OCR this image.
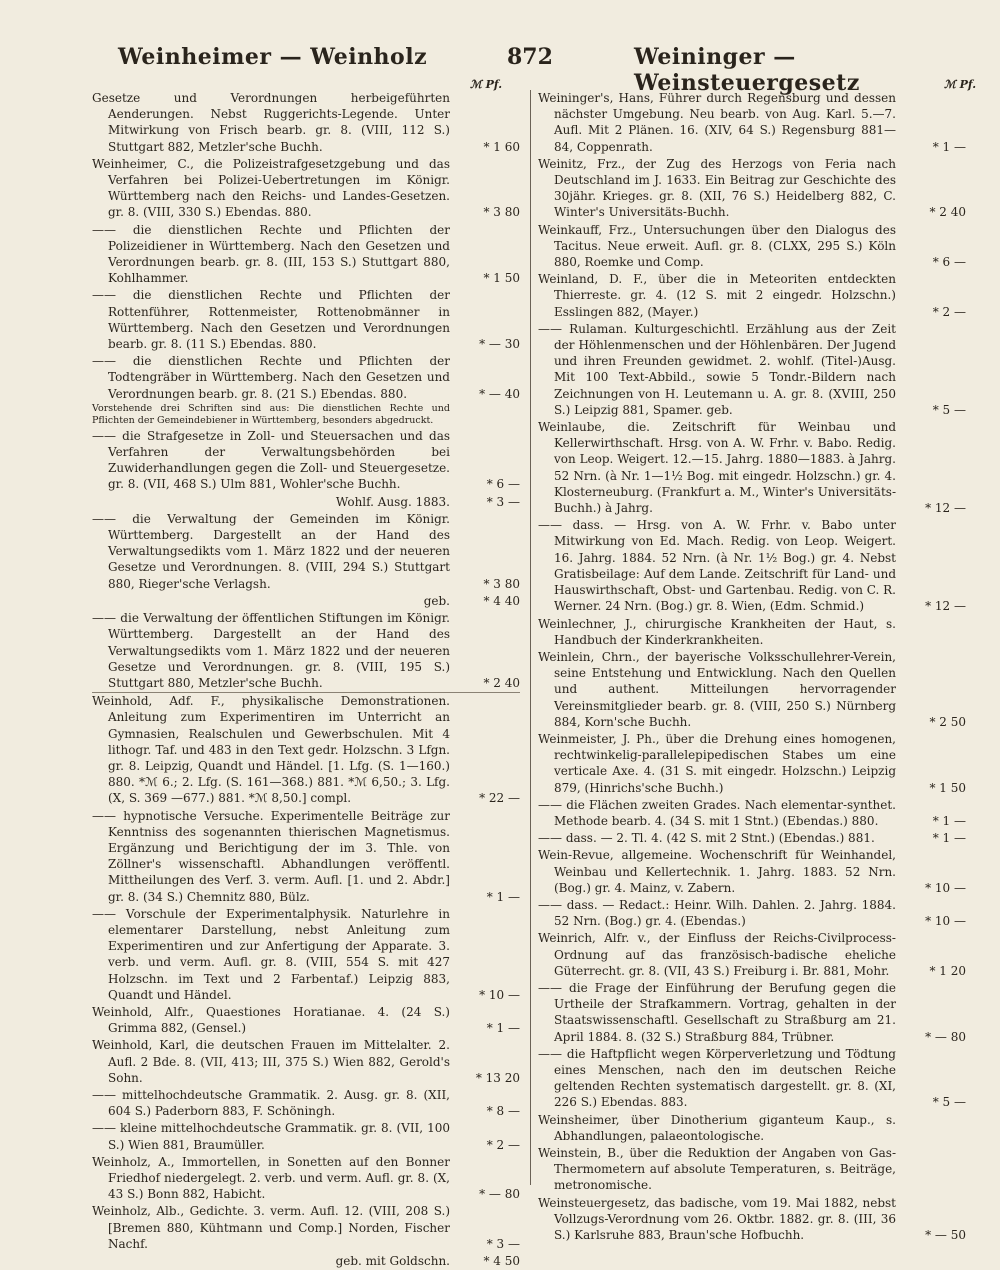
Weinheimer — Weinholz	872	Weininger — Weinsteuergesetz
ℳ Pf.	ℳ Pf.
Gesetze und Verordnungen herbeigeführten Aenderungen. Nebst Ruggerichts-Legende. Unter Mitwirkung von Frisch bearb. gr. 8. (VIII, 112 S.) Stuttgart 882, Metzler'sche Buchh.	* 1 60
Weinheimer, C., die Polizeistrafgesetzgebung und das Verfahren bei Polizei-Uebertretungen im Königr. Württemberg nach den Reichs- und Landes-Gesetzen. gr. 8. (VIII, 330 S.) Ebendas. 880.	* 3 80
—— die dienstlichen Rechte und Pflichten der Polizeidiener in Württemberg. Nach den Gesetzen und Verordnungen bearb. gr. 8. (III, 153 S.) Stuttgart 880, Kohlhammer.	* 1 50
—— die dienstlichen Rechte und Pflichten der Rottenführer, Rottenmeister, Rottenobmänner in Württemberg. Nach den Gesetzen und Verordnungen bearb. gr. 8. (11 S.) Ebendas. 880.	* — 30
—— die dienstlichen Rechte und Pflichten der Todtengräber in Württemberg. Nach den Gesetzen und Verordnungen bearb. gr. 8. (21 S.) Ebendas. 880.	* — 40
Vorstehende drei Schriften sind aus: Die dienstlichen Rechte und Pflichten der Gemeindebiener in Württemberg, besonders abgedruckt.
—— die Strafgesetze in Zoll- und Steuersachen und das Verfahren der Verwaltungsbehörden bei Zuwiderhandlungen gegen die Zoll- und Steuergesetze. gr. 8. (VII, 468 S.) Ulm 881, Wohler'sche Buchh.	* 6 —
Wohlf. Ausg. 1883.	* 3 —
—— die Verwaltung der Gemeinden im Königr. Württemberg. Dargestellt an der Hand des Verwaltungsedikts vom 1. März 1822 und der neueren Gesetze und Verordnungen. 8. (VIII, 294 S.) Stuttgart 880, Rieger'sche Verlagsh.	* 3 80
geb.	* 4 40
—— die Verwaltung der öffentlichen Stiftungen im Königr. Württemberg. Dargestellt an der Hand des Verwaltungsedikts vom 1. März 1822 und der neueren Gesetze und Verordnungen. gr. 8. (VIII, 195 S.) Stuttgart 880, Metzler'sche Buchh.	* 2 40
Weinhold, Adf. F., physikalische Demonstrationen. Anleitung zum Experimentiren im Unterricht an Gymnasien, Realschulen und Gewerbschulen. Mit 4 lithogr. Taf. und 483 in den Text gedr. Holzschn. 3 Lfgn. gr. 8. Leipzig, Quandt und Händel. [1. Lfg. (S. 1—160.) 880. *ℳ 6.; 2. Lfg. (S. 161—368.) 881. *ℳ 6,50.; 3. Lfg. (X, S. 369 —677.) 881. *ℳ 8,50.] compl.	* 22 —
—— hypnotische Versuche. Experimentelle Beiträge zur Kenntniss des sogenannten thierischen Magnetismus. Ergänzung und Berichtigung der im 3. Thle. von Zöllner's wissenschaftl. Abhandlungen veröffentl. Mittheilungen des Verf. 3. verm. Aufl. [1. und 2. Abdr.] gr. 8. (34 S.) Chemnitz 880, Bülz.	* 1 —
—— Vorschule der Experimentalphysik. Naturlehre in elementarer Darstellung, nebst Anleitung zum Experimentiren und zur Anfertigung der Apparate. 3. verb. und verm. Aufl. gr. 8. (VIII, 554 S. mit 427 Holzschn. im Text und 2 Farbentaf.) Leipzig 883, Quandt und Händel.	* 10 —
Weinhold, Alfr., Quaestiones Horatianae. 4. (24 S.) Grimma 882, (Gensel.)	* 1 —
Weinhold, Karl, die deutschen Frauen im Mittelalter. 2. Aufl. 2 Bde. 8. (VII, 413; III, 375 S.) Wien 882, Gerold's Sohn.	* 13 20
—— mittelhochdeutsche Grammatik. 2. Ausg. gr. 8. (XII, 604 S.) Paderborn 883, F. Schöningh.	* 8 —
—— kleine mittelhochdeutsche Grammatik. gr. 8. (VII, 100 S.) Wien 881, Braumüller.	* 2 —
Weinholz, A., Immortellen, in Sonetten auf den Bonner Friedhof niedergelegt. 2. verb. und verm. Aufl. gr. 8. (X, 43 S.) Bonn 882, Habicht.	* — 80
Weinholz, Alb., Gedichte. 3. verm. Aufl. 12. (VIII, 208 S.) [Bremen 880, Kühtmann und Comp.] Norden, Fischer Nachf.	* 3 —
geb. mit Goldschn.	* 4 50
Weininger's, Hans, Führer durch Regensburg und dessen nächster Umgebung. Neu bearb. von Aug. Karl. 5.—7. Aufl. Mit 2 Plänen. 16. (XIV, 64 S.) Regensburg 881—84, Coppenrath.	* 1 —
Weinitz, Frz., der Zug des Herzogs von Feria nach Deutschland im J. 1633. Ein Beitrag zur Geschichte des 30jähr. Krieges. gr. 8. (XII, 76 S.) Heidelberg 882, C. Winter's Universitäts-Buchh.	* 2 40
Weinkauff, Frz., Untersuchungen über den Dialogus des Tacitus. Neue erweit. Aufl. gr. 8. (CLXX, 295 S.) Köln 880, Roemke und Comp.	* 6 —
Weinland, D. F., über die in Meteoriten entdeckten Thierreste. gr. 4. (12 S. mit 2 eingedr. Holzschn.) Esslingen 882, (Mayer.)	* 2 —
—— Rulaman. Kulturgeschichtl. Erzählung aus der Zeit der Höhlenmenschen und der Höhlenbären. Der Jugend und ihren Freunden gewidmet. 2. wohlf. (Titel-)Ausg. Mit 100 Text-Abbild., sowie 5 Tondr.-Bildern nach Zeichnungen von H. Leutemann u. A. gr. 8. (XVIII, 250 S.) Leipzig 881, Spamer. geb.	* 5 —
Weinlaube, die. Zeitschrift für Weinbau und Kellerwirthschaft. Hrsg. von A. W. Frhr. v. Babo. Redig. von Leop. Weigert. 12.—15. Jahrg. 1880—1883. à Jahrg. 52 Nrn. (à Nr. 1—1½ Bog. mit eingedr. Holzschn.) gr. 4. Klosterneuburg. (Frankfurt a. M., Winter's Universitäts-Buchh.) à Jahrg.	* 12 —
—— dass. — Hrsg. von A. W. Frhr. v. Babo unter Mitwirkung von Ed. Mach. Redig. von Leop. Weigert. 16. Jahrg. 1884. 52 Nrn. (à Nr. 1½ Bog.) gr. 4. Nebst Gratisbeilage: Auf dem Lande. Zeitschrift für Land- und Hauswirthschaft, Obst- und Gartenbau. Redig. von C. R. Werner. 24 Nrn. (Bog.) gr. 8. Wien, (Edm. Schmid.)	* 12 —
Weinlechner, J., chirurgische Krankheiten der Haut, s. Handbuch der Kinderkrankheiten.
Weinlein, Chrn., der bayerische Volksschullehrer-Verein, seine Entstehung und Entwicklung. Nach den Quellen und authent. Mitteilungen hervorragender Vereinsmitglieder bearb. gr. 8. (VIII, 250 S.) Nürnberg 884, Korn'sche Buchh.	* 2 50
Weinmeister, J. Ph., über die Drehung eines homogenen, rechtwinkelig-parallelepipedischen Stabes um eine verticale Axe. 4. (31 S. mit eingedr. Holzschn.) Leipzig 879, (Hinrichs'sche Buchh.)	* 1 50
—— die Flächen zweiten Grades. Nach elementar-synthet. Methode bearb. 4. (34 S. mit 1 Stnt.) (Ebendas.) 880.	* 1 —
—— dass. — 2. Tl. 4. (42 S. mit 2 Stnt.) (Ebendas.) 881.	* 1 —
Wein-Revue, allgemeine. Wochenschrift für Weinhandel, Weinbau und Kellertechnik. 1. Jahrg. 1883. 52 Nrn. (Bog.) gr. 4. Mainz, v. Zabern.	* 10 —
—— dass. — Redact.: Heinr. Wilh. Dahlen. 2. Jahrg. 1884. 52 Nrn. (Bog.) gr. 4. (Ebendas.)	* 10 —
Weinrich, Alfr. v., der Einfluss der Reichs-Civilprocess-Ordnung auf das französisch-badische eheliche Güterrecht. gr. 8. (VII, 43 S.) Freiburg i. Br. 881, Mohr.	* 1 20
—— die Frage der Einführung der Berufung gegen die Urtheile der Strafkammern. Vortrag, gehalten in der Staatswissenschaftl. Gesellschaft zu Straßburg am 21. April 1884. 8. (32 S.) Straßburg 884, Trübner.	* — 80
—— die Haftpflicht wegen Körperverletzung und Tödtung eines Menschen, nach den im deutschen Reiche geltenden Rechten systematisch dargestellt. gr. 8. (XI, 226 S.) Ebendas. 883.	* 5 —
Weinsheimer, über Dinotherium giganteum Kaup., s. Abhandlungen, palaeontologische.
Weinstein, B., über die Reduktion der Angaben von Gas-Thermometern auf absolute Temperaturen, s. Beiträge, metronomische.
Weinsteuergesetz, das badische, vom 19. Mai 1882, nebst Vollzugs-Verordnung vom 26. Oktbr. 1882. gr. 8. (III, 36 S.) Karlsruhe 883, Braun'sche Hofbuchh.	* — 50
